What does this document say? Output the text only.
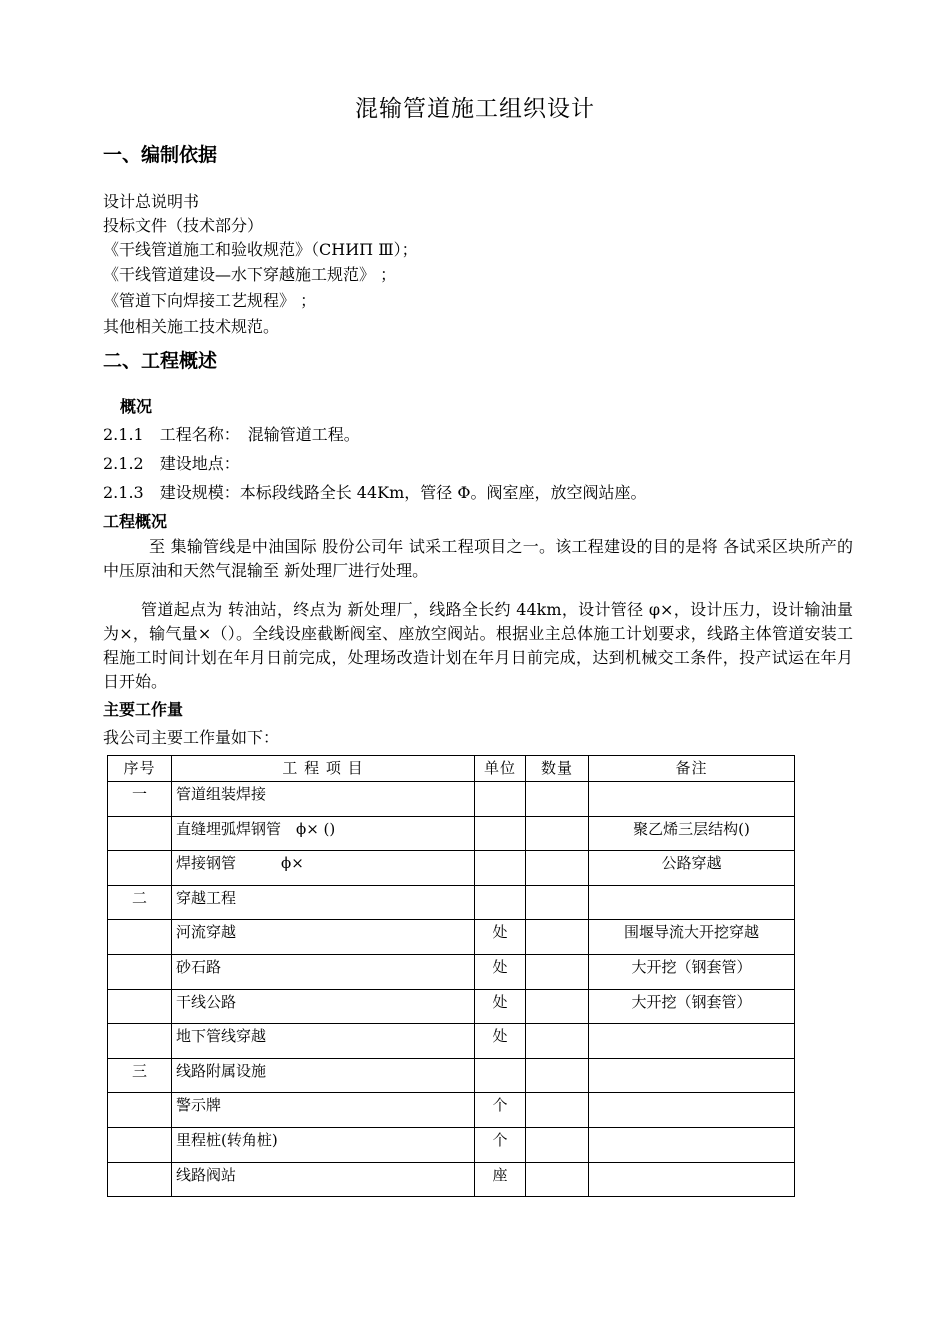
混输管道施工组织设计
一、编制依据
设计总说明书
投标文件（技术部分）
《干线管道施工和验收规范》（СНИП Ⅲ）；
《干线管道建设—水下穿越施工规范》 ；
《管道下向焊接工艺规程》 ；
其他相关施工技术规范。
二、工程概述
概况
2.1.1　工程名称：　混输管道工程。
2.1.2　建设地点：
2.1.3　建设规模：本标段线路全长 44Km，管径 Φ。阀室座，放空阀站座。
工程概况
至 集输管线是中油国际 股份公司年 试采工程项目之一。该工程建设的目的是将 各试采区块所产的中压原油和天然气混输至 新处理厂进行处理。
管道起点为 转油站，终点为 新处理厂，线路全长约 44km，设计管径 φ×，设计压力，设计输油量为×，输气量×（）。全线设座截断阀室、座放空阀站。根据业主总体施工计划要求，线路主体管道安装工程施工时间计划在年月日前完成，处理场改造计划在年月日前完成，达到机械交工条件，投产试运在年月日开始。
主要工作量
我公司主要工作量如下：
序号	工 程 项 目	单位	数量	备注
一	管道组装焊接			
	直缝埋弧焊钢管　ϕ× ()			聚乙烯三层结构()
	焊接钢管　　　ϕ×			公路穿越
二	穿越工程			
	河流穿越	处		围堰导流大开挖穿越
	砂石路	处		大开挖（钢套管）
	干线公路	处		大开挖（钢套管）
	地下管线穿越	处		
三	线路附属设施			
	警示牌	个		
	里程桩(转角桩)	个		
	线路阀站	座		
